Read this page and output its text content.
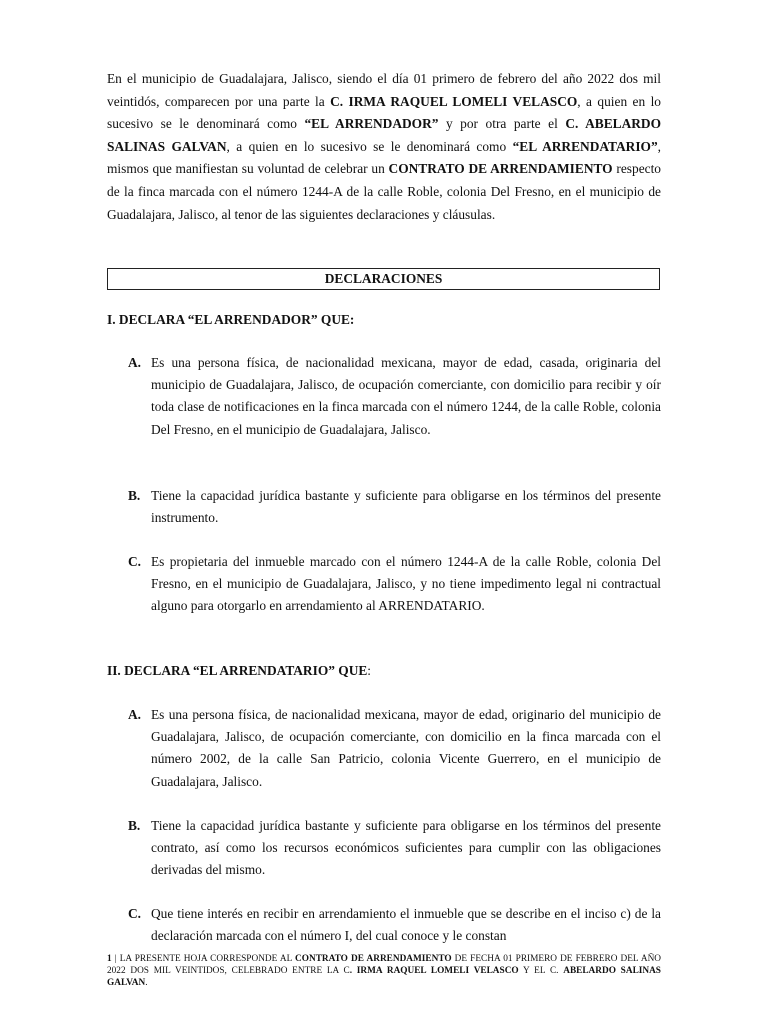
En el municipio de Guadalajara, Jalisco, siendo el día 01 primero de febrero del año 2022 dos mil veintidós, comparecen por una parte la C. IRMA RAQUEL LOMELI VELASCO, a quien en lo sucesivo se le denominará como “EL ARRENDADOR” y por otra parte el C. ABELARDO SALINAS GALVAN, a quien en lo sucesivo se le denominará como “EL ARRENDATARIO”, mismos que manifiestan su voluntad de celebrar un CONTRATO DE ARRENDAMIENTO respecto de la finca marcada con el número 1244-A de la calle Roble, colonia Del Fresno, en el municipio de Guadalajara, Jalisco, al tenor de las siguientes declaraciones y cláusulas.

DECLARACIONES
I. DECLARA “EL ARRENDADOR” QUE:
A. Es una persona física, de nacionalidad mexicana, mayor de edad, casada, originaria del municipio de Guadalajara, Jalisco, de ocupación comerciante, con domicilio para recibir y oír toda clase de notificaciones en la finca marcada con el número 1244, de la calle Roble, colonia Del Fresno, en el municipio de Guadalajara, Jalisco.
B. Tiene la capacidad jurídica bastante y suficiente para obligarse en los términos del presente instrumento.
C. Es propietaria del inmueble marcado con el número 1244-A de la calle Roble, colonia Del Fresno, en el municipio de Guadalajara, Jalisco, y no tiene impedimento legal ni contractual alguno para otorgarlo en arrendamiento al ARRENDATARIO.
II. DECLARA “EL ARRENDATARIO” QUE:
A. Es una persona física, de nacionalidad mexicana, mayor de edad, originario del municipio de Guadalajara, Jalisco, de ocupación comerciante, con domicilio en la finca marcada con el número 2002, de la calle San Patricio, colonia Vicente Guerrero, en el municipio de Guadalajara, Jalisco.
B. Tiene la capacidad jurídica bastante y suficiente para obligarse en los términos del presente contrato, así como los recursos económicos suficientes para cumplir con las obligaciones derivadas del mismo.
C. Que tiene interés en recibir en arrendamiento el inmueble que se describe en el inciso c) de la declaración marcada con el número I, del cual conoce y le constan
1 | LA PRESENTE HOJA CORRESPONDE AL CONTRATO DE ARRENDAMIENTO DE FECHA 01 PRIMERO DE FEBRERO DEL AÑO 2022 DOS MIL VEINTIDOS, CELEBRADO ENTRE LA C. IRMA RAQUEL LOMELI VELASCO Y EL C. ABELARDO SALINAS GALVAN.
